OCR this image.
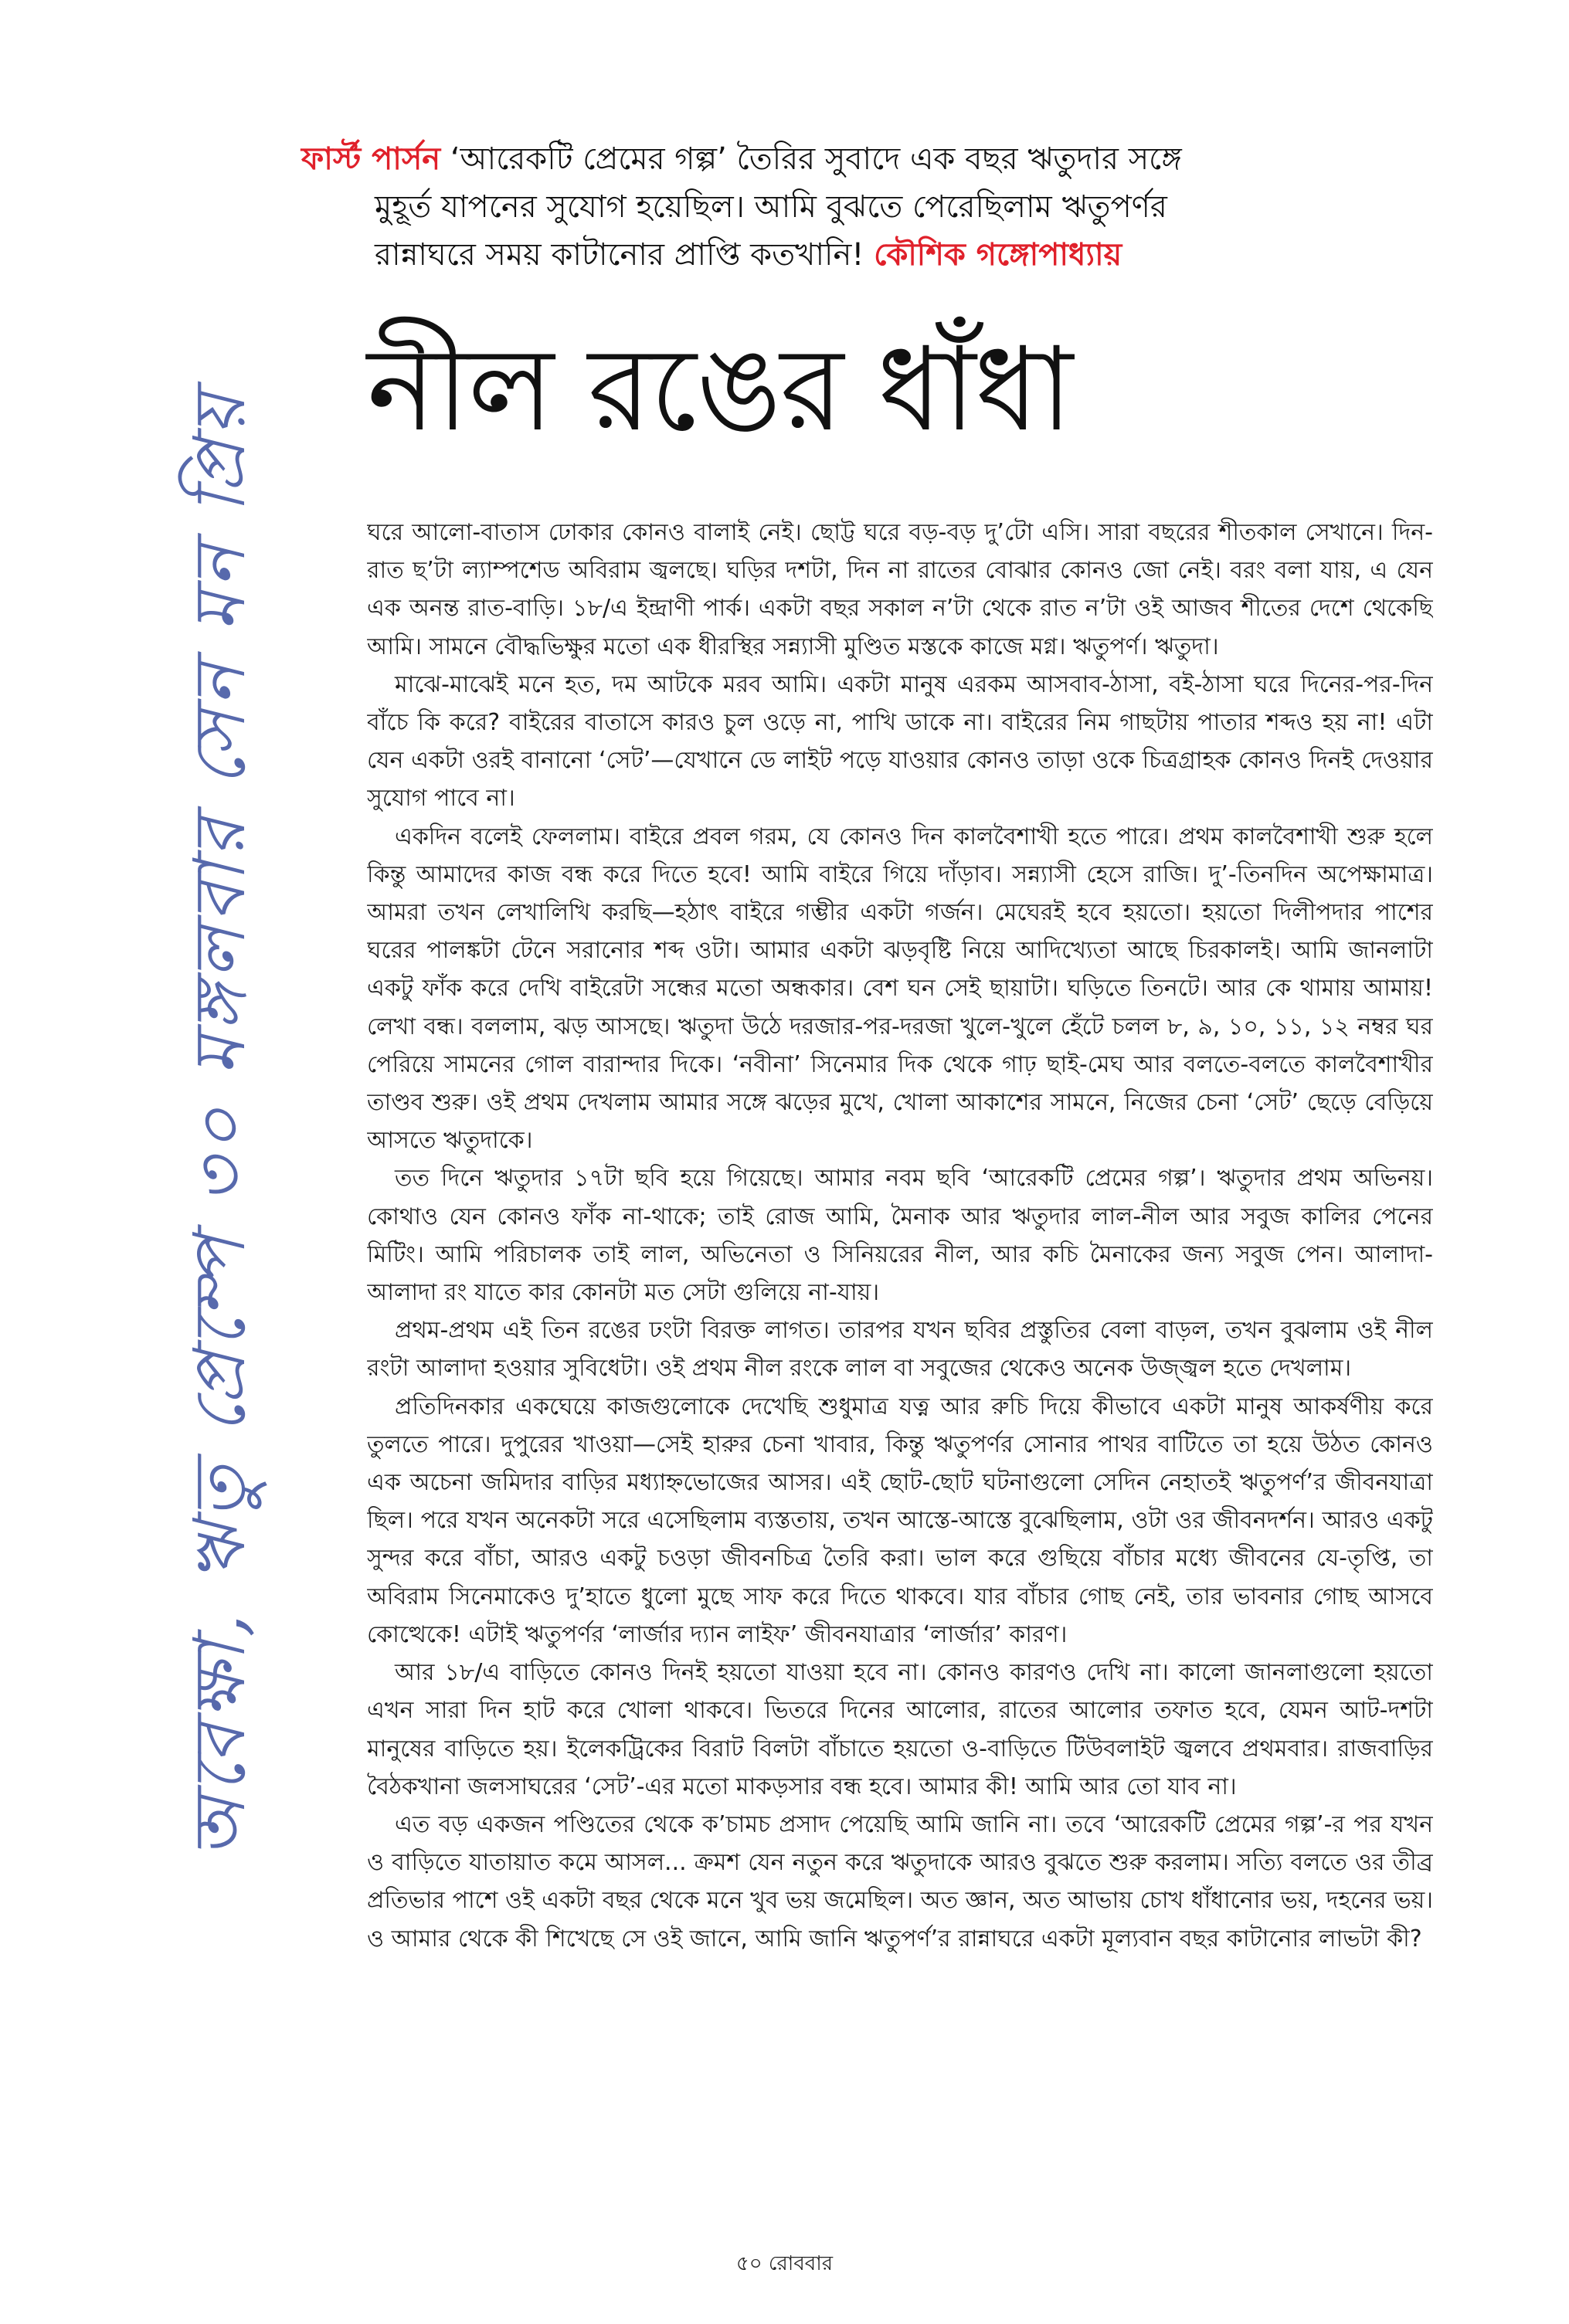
অবেক্ষা, ঋতু প্রেম্পে ৩০ মঙ্গলবার সেন মন প্রিয়
ফার্স্ট পার্সন ‘আরেকটি প্রেমের গল্প’ তৈরির সুবাদে এক বছর ঋতুদার সঙ্গে
মুহূর্ত যাপনের সুযোগ হয়েছিল। আমি বুঝতে পেরেছিলাম ঋতুপর্ণর
রান্নাঘরে সময় কাটানোর প্রাপ্তি কতখানি! কৌশিক গঙ্গোপাধ্যায়
নীল রঙের ধাঁধা

ঘরে আলো-বাতাস ঢোকার কোনও বালাই নেই। ছোট্ট ঘরে বড়-বড় দু’টো এসি। সারা বছরের শীতকাল সেখানে। দিন-রাত ছ’টা ল্যাম্পশেড অবিরাম জ্বলছে। ঘড়ির দশটা, দিন না রাতের বোঝার কোনও জো নেই। বরং বলা যায়, এ যেন এক অনন্ত রাত-বাড়ি। ১৮/এ ইন্দ্রাণী পার্ক। একটা বছর সকাল ন’টা থেকে রাত ন’টা ওই আজব শীতের দেশে থেকেছি আমি। সামনে বৌদ্ধভিক্ষুর মতো এক ধীরস্থির সন্ন্যাসী মুণ্ডিত মস্তকে কাজে মগ্ন। ঋতুপর্ণ। ঋতুদা।

মাঝে-মাঝেই মনে হত, দম আটকে মরব আমি। একটা মানুষ এরকম আসবাব-ঠাসা, বই-ঠাসা ঘরে দিনের-পর-দিন বাঁচে কি করে? বাইরের বাতাসে কারও চুল ওড়ে না, পাখি ডাকে না। বাইরের নিম গাছটায় পাতার শব্দও হয় না! এটা যেন একটা ওরই বানানো ‘সেট’—যেখানে ডে লাইট পড়ে যাওয়ার কোনও তাড়া ওকে চিত্রগ্রাহক কোনও দিনই দেওয়ার সুযোগ পাবে না।

একদিন বলেই ফেললাম। বাইরে প্রবল গরম, যে কোনও দিন কালবৈশাখী হতে পারে। প্রথম কালবৈশাখী শুরু হলে কিন্তু আমাদের কাজ বন্ধ করে দিতে হবে! আমি বাইরে গিয়ে দাঁড়াব। সন্ন্যাসী হেসে রাজি। দু’-তিনদিন অপেক্ষামাত্র। আমরা তখন লেখালিখি করছি—হঠাৎ বাইরে গম্ভীর একটা গর্জন। মেঘেরই হবে হয়তো। হয়তো দিলীপদার পাশের ঘরের পালঙ্কটা টেনে সরানোর শব্দ ওটা। আমার একটা ঝড়বৃষ্টি নিয়ে আদিখ্যেতা আছে চিরকালই। আমি জানলাটা একটু ফাঁক করে দেখি বাইরেটা সন্ধের মতো অন্ধকার। বেশ ঘন সেই ছায়াটা। ঘড়িতে তিনটে। আর কে থামায় আমায়! লেখা বন্ধ। বললাম, ঝড় আসছে। ঋতুদা উঠে দরজার-পর-দরজা খুলে-খুলে হেঁটে চলল ৮, ৯, ১০, ১১, ১২ নম্বর ঘর পেরিয়ে সামনের গোল বারান্দার দিকে। ‘নবীনা’ সিনেমার দিক থেকে গাঢ় ছাই-মেঘ আর বলতে-বলতে কালবৈশাখীর তাণ্ডব শুরু। ওই প্রথম দেখলাম আমার সঙ্গে ঝড়ের মুখে, খোলা আকাশের সামনে, নিজের চেনা ‘সেট’ ছেড়ে বেড়িয়ে আসতে ঋতুদাকে।

তত দিনে ঋতুদার ১৭টা ছবি হয়ে গিয়েছে। আমার নবম ছবি ‘আরেকটি প্রেমের গল্প’। ঋতুদার প্রথম অভিনয়। কোথাও যেন কোনও ফাঁক না-থাকে; তাই রোজ আমি, মৈনাক আর ঋতুদার লাল-নীল আর সবুজ কালির পেনের মিটিং। আমি পরিচালক তাই লাল, অভিনেতা ও সিনিয়রের নীল, আর কচি মৈনাকের জন্য সবুজ পেন। আলাদা-আলাদা রং যাতে কার কোনটা মত সেটা গুলিয়ে না-যায়।

প্রথম-প্রথম এই তিন রঙের ঢংটা বিরক্ত লাগত। তারপর যখন ছবির প্রস্তুতির বেলা বাড়ল, তখন বুঝলাম ওই নীল রংটা আলাদা হওয়ার সুবিধেটা। ওই প্রথম নীল রংকে লাল বা সবুজের থেকেও অনেক উজ্জ্বল হতে দেখলাম।

প্রতিদিনকার একঘেয়ে কাজগুলোকে দেখেছি শুধুমাত্র যত্ন আর রুচি দিয়ে কীভাবে একটা মানুষ আকর্ষণীয় করে তুলতে পারে। দুপুরের খাওয়া—সেই হারুর চেনা খাবার, কিন্তু ঋতুপর্ণর সোনার পাথর বাটিতে তা হয়ে উঠত কোনও এক অচেনা জমিদার বাড়ির মধ্যাহ্নভোজের আসর। এই ছোট-ছোট ঘটনাগুলো সেদিন নেহাতই ঋতুপর্ণ’র জীবনযাত্রা ছিল। পরে যখন অনেকটা সরে এসেছিলাম ব্যস্ততায়, তখন আস্তে-আস্তে বুঝেছিলাম, ওটা ওর জীবনদর্শন। আরও একটু সুন্দর করে বাঁচা, আরও একটু চওড়া জীবনচিত্র তৈরি করা। ভাল করে গুছিয়ে বাঁচার মধ্যে জীবনের যে-তৃপ্তি, তা অবিরাম সিনেমাকেও দু’হাতে ধুলো মুছে সাফ করে দিতে থাকবে। যার বাঁচার গোছ নেই, তার ভাবনার গোছ আসবে কোত্থেকে! এটাই ঋতুপর্ণর ‘লার্জার দ্যান লাইফ’ জীবনযাত্রার ‘লার্জার’ কারণ।

আর ১৮/এ বাড়িতে কোনও দিনই হয়তো যাওয়া হবে না। কোনও কারণও দেখি না। কালো জানলাগুলো হয়তো এখন সারা দিন হাট করে খোলা থাকবে। ভিতরে দিনের আলোর, রাতের আলোর তফাত হবে, যেমন আট-দশটা মানুষের বাড়িতে হয়। ইলেকট্রিকের বিরাট বিলটা বাঁচাতে হয়তো ও-বাড়িতে টিউবলাইট জ্বলবে প্রথমবার। রাজবাড়ির বৈঠকখানা জলসাঘরের ‘সেট’-এর মতো মাকড়সার বন্ধ হবে। আমার কী! আমি আর তো যাব না।

এত বড় একজন পণ্ডিতের থেকে ক’চামচ প্রসাদ পেয়েছি আমি জানি না। তবে ‘আরেকটি প্রেমের গল্প’-র পর যখন ও বাড়িতে যাতায়াত কমে আসল... ক্রমশ যেন নতুন করে ঋতুদাকে আরও বুঝতে শুরু করলাম। সত্যি বলতে ওর তীব্র প্রতিভার পাশে ওই একটা বছর থেকে মনে খুব ভয় জমেছিল। অত জ্ঞান, অত আভায় চোখ ধাঁধানোর ভয়, দহনের ভয়। ও আমার থেকে কী শিখেছে সে ওই জানে, আমি জানি ঋতুপর্ণ’র রান্নাঘরে একটা মূল্যবান বছর কাটানোর লাভটা কী?

৫০ রোববার
